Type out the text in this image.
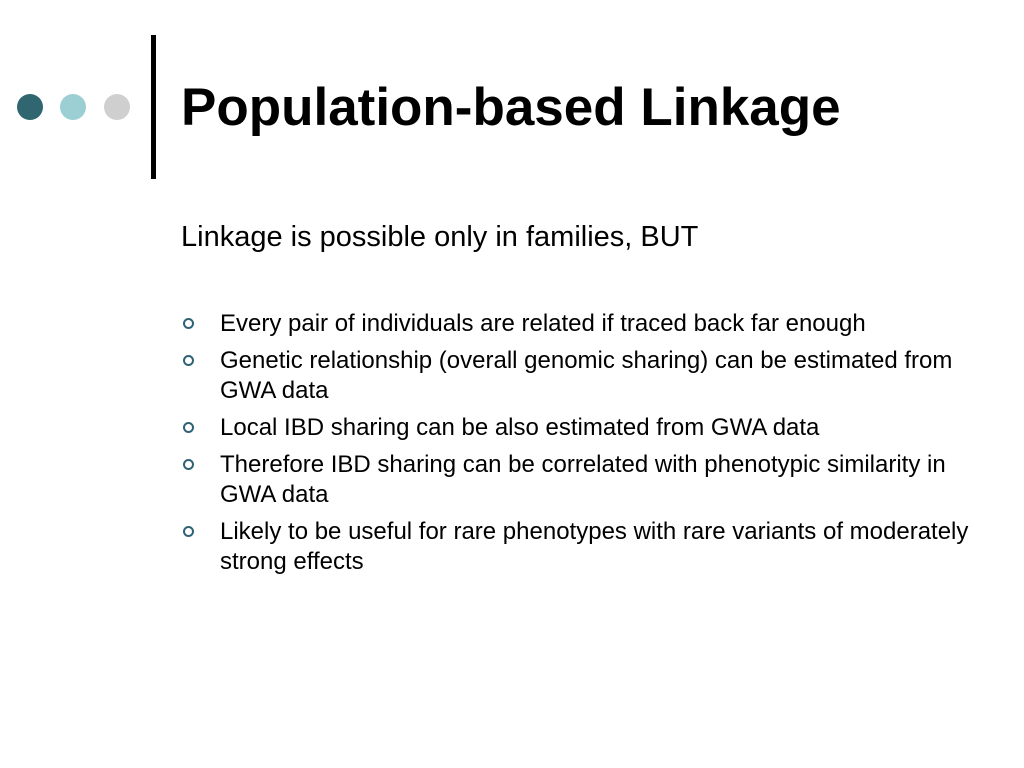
Population-based Linkage

Linkage is possible only in families, BUT

Every pair of individuals are related if traced back far enough
Genetic relationship (overall genomic sharing) can be estimated from GWA data
Local IBD sharing can be also estimated from GWA data
Therefore IBD sharing can be correlated with phenotypic similarity in GWA data
Likely to be useful for rare phenotypes with rare variants of moderately strong effects
